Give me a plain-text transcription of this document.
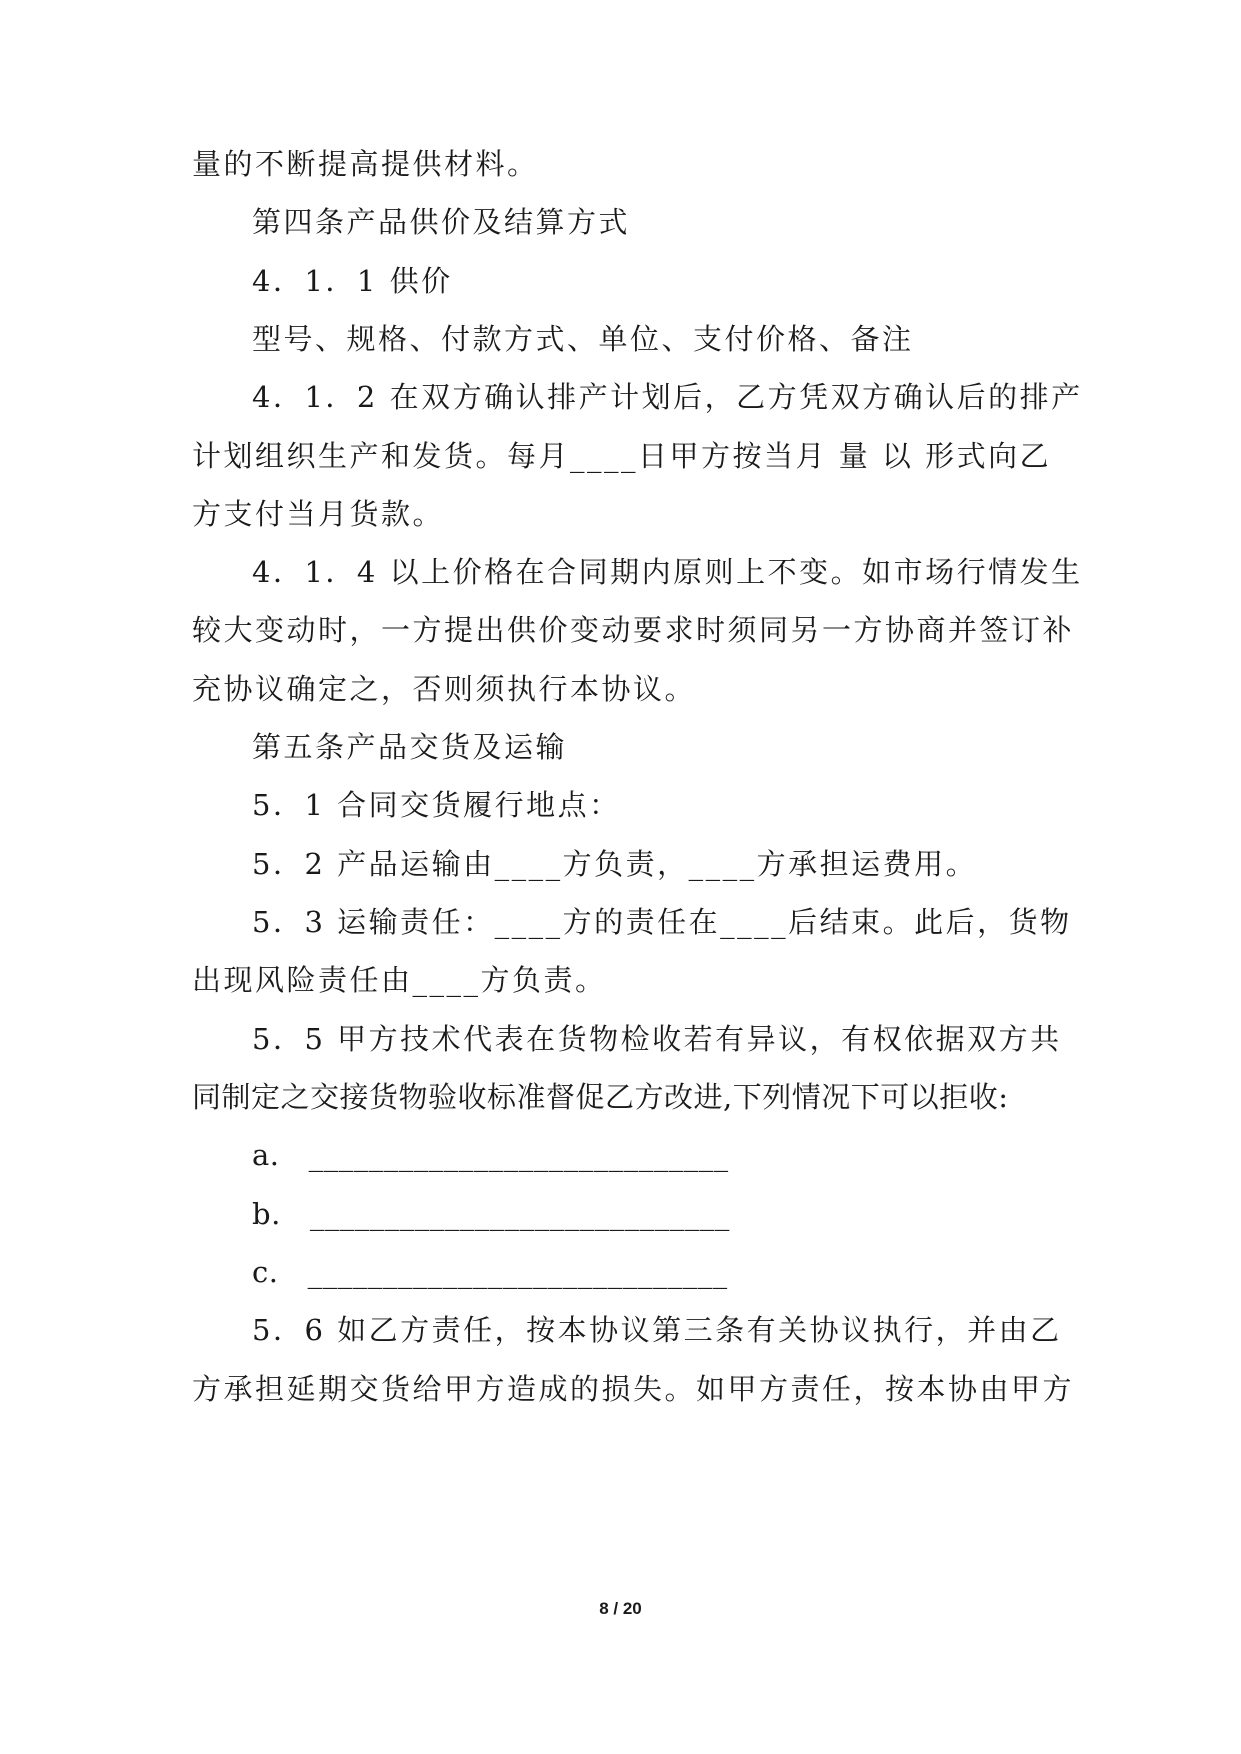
量的不断提高提供材料。
第四条产品供价及结算方式
4．1．1 供价
型号、规格、付款方式、单位、支付价格、备注
4．1．2 在双方确认排产计划后，乙方凭双方确认后的排产
计划组织生产和发货。每月____日甲方按当月 量 以 形式向乙
方支付当月货款。
4．1．4 以上价格在合同期内原则上不变。如市场行情发生
较大变动时，一方提出供价变动要求时须同另一方协商并签订补
充协议确定之，否则须执行本协议。
第五条产品交货及运输
5．1 合同交货履行地点：
5．2 产品运输由____方负责，____方承担运费用。
5．3 运输责任：____方的责任在____后结束。此后，货物
出现风险责任由____方负责。
5．5 甲方技术代表在货物检收若有异议，有权依据双方共
同制定之交接货物验收标准督促乙方改进,下列情况下可以拒收:
a.   ____________________________
b.   ____________________________
c.   ____________________________
5．6 如乙方责任，按本协议第三条有关协议执行，并由乙
方承担延期交货给甲方造成的损失。如甲方责任，按本协由甲方
8 / 20
